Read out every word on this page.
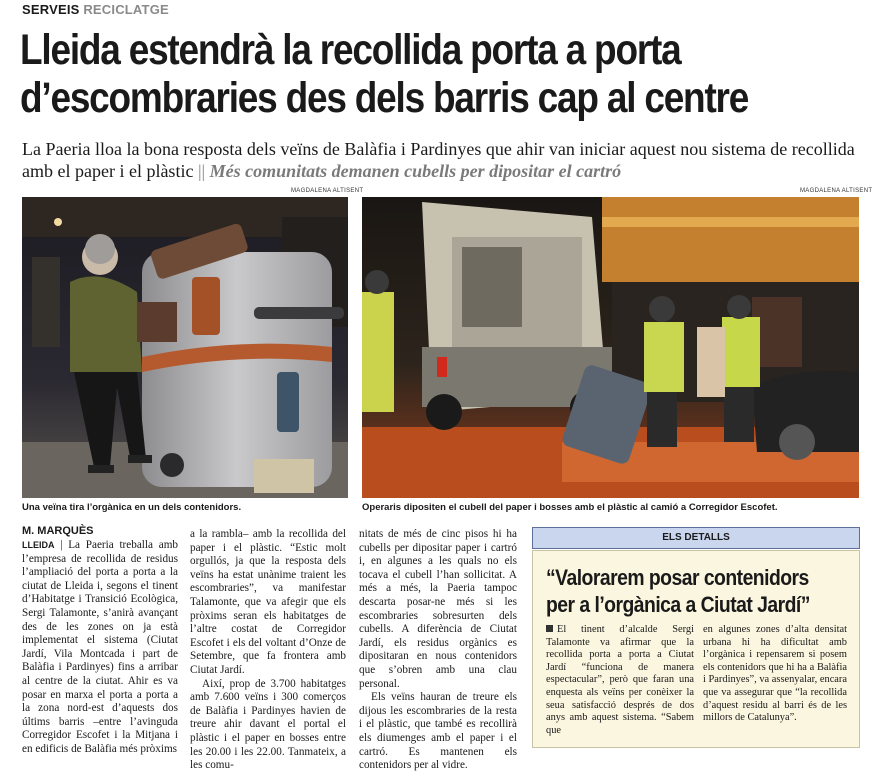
SERVEIS RECICLATGE
Lleida estendrà la recollida porta a porta
d’escombraries des dels barris cap al centre
La Paeria lloa la bona resposta dels veïns de Balàfia i Pardinyes que ahir van iniciar aquest nou sistema de recollida amb el paper i el plàstic || Més comunitats demanen cubells per dipositar el cartró
MAGDALENA ALTISENT	MAGDALENA ALTISENT
Una veïna tira l’orgànica en un dels contenidors.	Operaris dipositen el cubell del paper i bosses amb el plàstic al camió a Corregidor Escofet.
M. MARQUÈS

LLEIDA | La Paeria treballa amb l’empresa de recollida de residus l’ampliació del porta a porta a la ciutat de Lleida i, segons el tinent d’Habitatge i Transició Ecològica, Sergi Talamonte, s’anirà avançant des de les zones on ja està implementat el sistema (Ciutat Jardí, Vila Montcada i part de Balàfia i Pardinyes) fins a arribar al centre de la ciutat. Ahir es va posar en marxa el porta a porta a la zona nord-est d’aquests dos últims barris –entre l’avinguda Corregidor Escofet i la Mitjana i en edificis de Balàfia més pròxims

a la rambla– amb la recollida del paper i el plàstic. “Estic molt orgullós, ja que la resposta dels veïns ha estat unànime traient les escombraries”, va manifestar Talamonte, que va afegir que els pròxims seran els habitatges de l’altre costat de Corregidor Escofet i els del voltant d’Onze de Setembre, que fa frontera amb Ciutat Jardí.

Així, prop de 3.700 habitatges amb 7.600 veïns i 300 comerços de Balàfia i Pardinyes havien de treure ahir davant el portal el plàstic i el paper en bosses entre les 20.00 i les 22.00. Tanmateix, a les comu-

nitats de més de cinc pisos hi ha cubells per dipositar paper i cartró i, en algunes a les quals no els tocava el cubell l’han sollicitat. A més a més, la Paeria tampoc descarta posar-ne més si les escombraries sobresurten dels cubells. A diferència de Ciutat Jardí, els residus orgànics es dipositaran en nous contenidors que s’obren amb una clau personal.

Els veïns hauran de treure els dijous les escombraries de la resta i el plàstic, que també es recollirà els diumenges amb el paper i el cartró. Es mantenen els contenidors per al vidre.

ELS DETALLS
“Valorarem posar contenidors
per a l’orgànica a Ciutat Jardí”

El tinent d’alcalde Sergi Talamonte va afirmar que la recollida porta a porta a Ciutat Jardí “funciona de manera espectacular”, però que faran una enquesta als veïns per conèixer la seua satisfacció després de dos anys amb aquest sistema. “Sabem que

en algunes zones d’alta densitat urbana hi ha dificultat amb l’orgànica i repensarem si posem els contenidors que hi ha a Balàfia i Pardinyes”, va assenyalar, encara que va assegurar que “la recollida d’aquest residu al barri és de les millors de Catalunya”.
